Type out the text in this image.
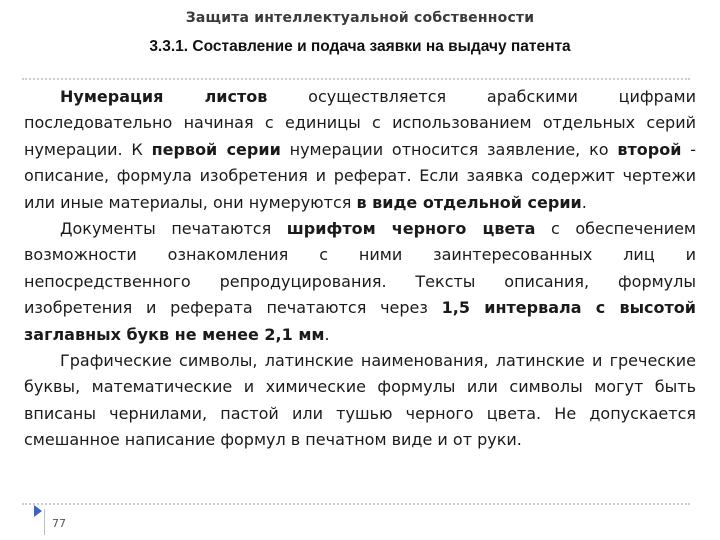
Защита интеллектуальной собственности
3.3.1. Составление и подача заявки на выдачу патента

Нумерация листов осуществляется арабскими цифрами последовательно начиная с единицы с использованием отдельных серий нумерации. К первой серии нумерации относится заявление, ко второй - описание, формула изобретения и реферат. Если заявка содержит чертежи или иные материалы, они нумеруются в виде отдельной серии.

Документы печатаются шрифтом черного цвета с обеспечением возможности ознакомления с ними заинтересованных лиц и непосредственного репродуцирования. Тексты описания, формулы изобретения и реферата печатаются через 1,5 интервала с высотой заглавных букв не менее 2,1 мм.

Графические символы, латинские наименования, латинские и греческие буквы, математические и химические формулы или символы могут быть вписаны чернилами, пастой или тушью черного цвета. Не допускается смешанное написание формул в печатном виде и от руки.

77
